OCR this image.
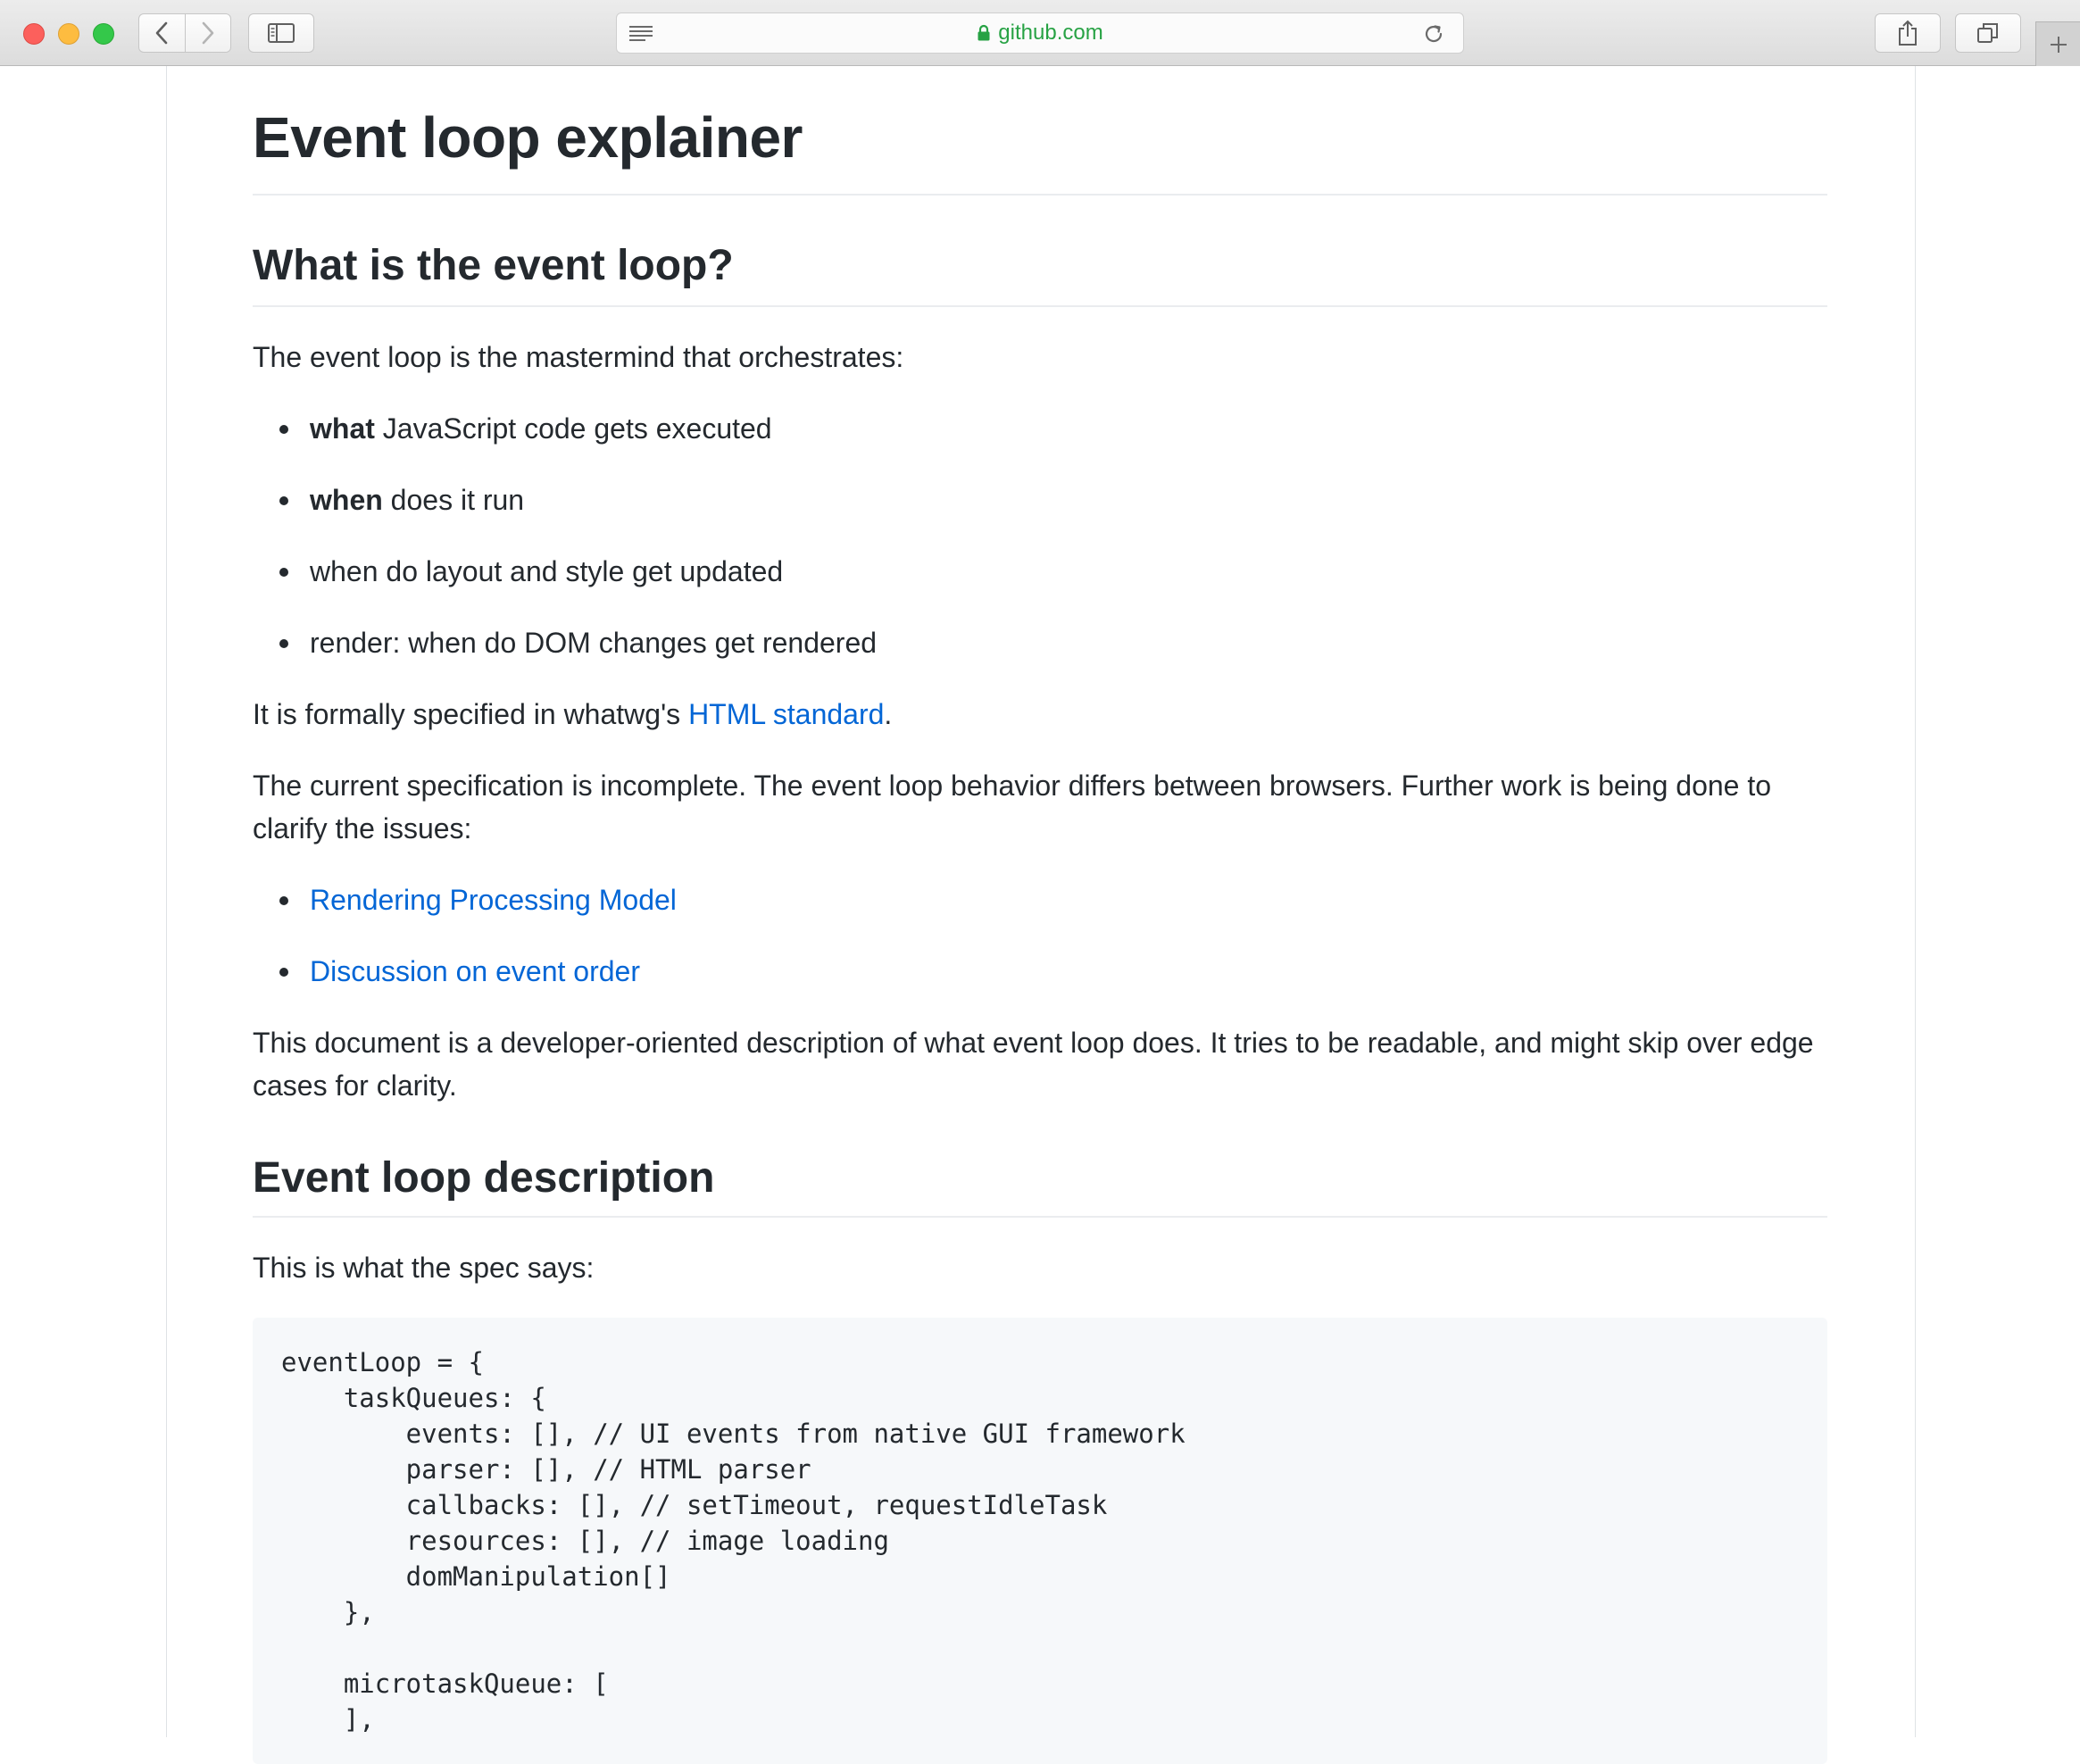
github.com
Event loop explainer
What is the event loop?

The event loop is the mastermind that orchestrates:

what JavaScript code gets executed
when does it run
when do layout and style get updated
render: when do DOM changes get rendered

It is formally specified in whatwg's HTML standard.

The current specification is incomplete. The event loop behavior differs between browsers. Further work is being done to clarify the issues:

Rendering Processing Model
Discussion on event order

This document is a developer-oriented description of what event loop does. It tries to be readable, and might skip over edge cases for clarity.

Event loop description

This is what the spec says:

eventLoop = {
taskQueues: {
events: [], // UI events from native GUI framework
parser: [], // HTML parser
callbacks: [], // setTimeout, requestIdleTask
resources: [], // image loading
domManipulation[]
},

microtaskQueue: [
],
